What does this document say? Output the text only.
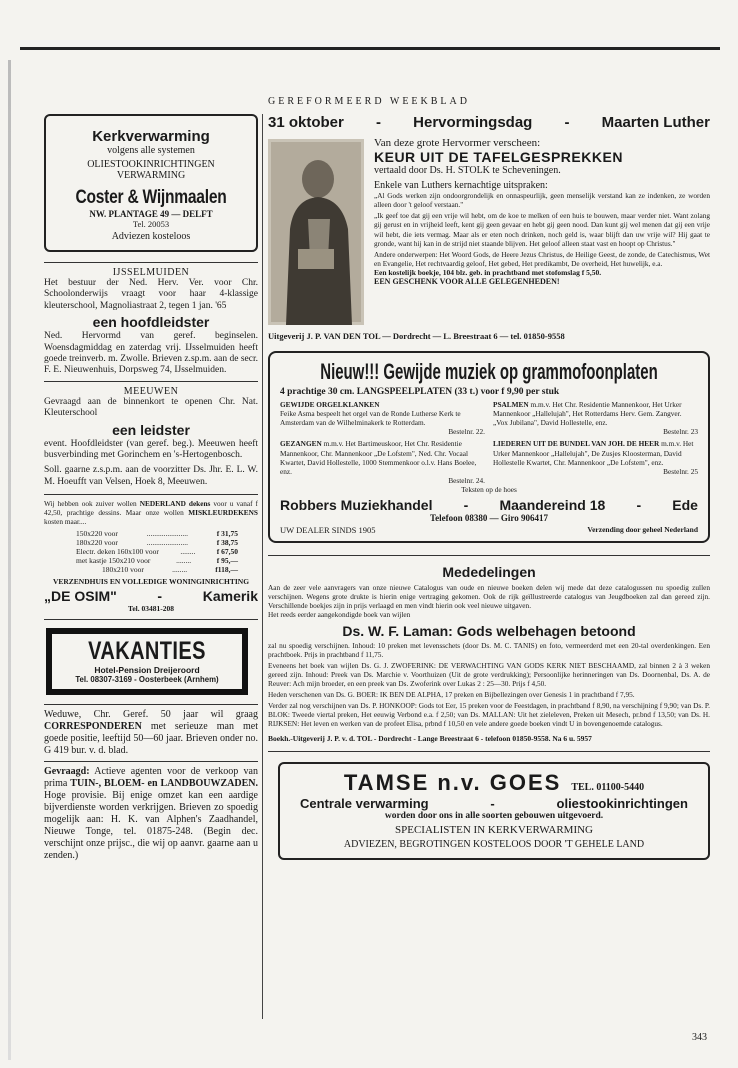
GEREFORMEERD WEEKBLAD
Kerkverwarming
volgens alle systemen
OLIESTOOKINRICHTINGEN
VERWARMING
Coster & Wijnmaalen
NW. PLANTAGE 49 — DELFT
Tel. 20053
Adviezen kosteloos
IJSSELMUIDEN
Het bestuur der Ned. Herv. Ver. voor Chr. Schoolonderwijs vraagt voor haar 4-klassige kleuterschool, Magnoliastraat 2, tegen 1 jan. '65
een hoofdleidster
Ned. Hervormd van geref. beginselen. Woensdagmiddag en zaterdag vrij. IJsselmuiden heeft goede treinverb. m. Zwolle. Brieven z.sp.m. aan de secr. F. E. Nieuwenhuis, Dorpsweg 74, IJsselmuiden.
MEEUWEN
Gevraagd aan de binnenkort te openen Chr. Nat. Kleuterschool
een leidster
event. Hoofdleidster (van geref. beg.). Meeuwen heeft busverbinding met Gorinchem en 's-Hertogenbosch.
Soll. gaarne z.s.p.m. aan de voorzitter Ds. Jhr. E. L. W. M. Hoeufft van Velsen, Hoek 8, Meeuwen.
Wij hebben ook zuiver wollen NEDERLAND dekens voor u vanaf f 42,50, prachtige dessins. Maar onze wollen MISKLEURDEKENS kosten maar....
150x220 voor	......................	f 31,75
180x220 voor	......................	f 38,75
Electr. deken 160x100 voor	........	f 67,50
met kastje 150x210 voor	........	f 95,—
180x210 voor	........	f118,—
VERZENDHUIS EN VOLLEDIGE WONINGINRICHTING
„DE OSIM"	-	Kamerik
Tel. 03481-208
VAKANTIES
Hotel-Pension Dreijeroord
Tel. 08307-3169 - Oosterbeek (Arnhem)
Weduwe, Chr. Geref. 50 jaar wil graag CORRESPONDEREN met serieuze man met goede positie, leeftijd 50—60 jaar. Brieven onder no. G 419 bur. v. d. blad.
Gevraagd: Actieve agenten voor de verkoop van prima TUIN-, BLOEM- en LANDBOUWZADEN. Hoge provisie. Bij enige omzet kan een aardige bijverdienste worden verkrijgen. Brieven zo spoedig mogelijk aan: H. K. van Alphen's Zaadhandel, Nieuwe Tonge, tel. 01875-248. (Begin dec. verschijnt onze prijsc., die wij op aanvr. gaarne aan u zenden.)
31 oktober - Hervormingsdag - Maarten Luther
Van deze grote Hervormer verscheen:
KEUR UIT DE TAFELGESPREKKEN
vertaald door Ds. H. STOLK te Scheveningen.
Enkele van Luthers kernachtige uitspraken:
„Al Gods werken zijn ondoorgrondelijk en onnaspeurlijk, geen menselijk verstand kan ze indenken, ze worden alleen door 't geloof verstaan."
„Ik geef toe dat gij een vrije wil hebt, om de koe te melken of een huis te bouwen, maar verder niet. Want zolang gij gerust en in vrijheid leeft, kent gij geen gevaar en hebt gij geen nood. Dan kunt gij wel menen dat gij een vrije wil hebt, die iets vermag. Maar als er eten noch drinken, noch geld is, waar blijft dan uw vrije wil? Hij gaat te gronde, want hij kan in de strijd niet staande blijven. Het geloof alleen staat vast en hoopt op Christus."
Andere onderwerpen: Het Woord Gods, de Heere Jezus Christus, de Heilige Geest, de zonde, de Catechismus, Wet en Evangelie, Het rechtvaardig geloof, Het gebed, Het predikambt, De overheid, Het huwelijk, e.a.
Een kostelijk boekje, 104 blz. geb. in prachtband met stofomslag f 5,50.
EEN GESCHENK VOOR ALLE GELEGENHEDEN!
Uitgeverij J. P. VAN DEN TOL — Dordrecht — L. Breestraat 6 — tel. 01850-9558
Nieuw!!! Gewijde muziek op grammofoonplaten
4 prachtige 30 cm. LANGSPEELPLATEN (33 t.) voor f 9,90 per stuk
GEWIJDE ORGELKLANKEN
Feike Asma bespeelt het orgel van de Ronde Lutherse Kerk te Amsterdam van de Wilhelminakerk te Rotterdam.
Bestelnr. 22.
GEZANGEN m.m.v. Het Bartimeuskoor, Het Chr. Residentie Mannenkoor, Chr. Mannenkoor „De Lofstem", Ned. Chr. Vocaal Kwartet, David Hollestelle, 1000 Stemmenkoor o.l.v. Hans Boelee, enz.
Bestelnr. 24.
PSALMEN m.m.v. Het Chr. Residentie Mannenkoor, Het Urker Mannenkoor „Hallelujah", Het Rotterdams Herv. Gem. Zangver. „Vox Jubilana", David Hollestelle, enz.
Bestelnr. 23
LIEDEREN UIT DE BUNDEL VAN JOH. DE HEER m.m.v. Het Urker Mannenkoor „Hallelujah", De Zusjes Kloosterman, David Hollestelle Kwartet, Chr. Mannenkoor „De Lofstem", enz.
Bestelnr. 25
Teksten op de hoes
Robbers Muziekhandel - Maandereind 18 - Ede
Telefoon 08380 — Giro 906417
UW DEALER SINDS 1905	Verzending door geheel Nederland
Mededelingen
Aan de zeer vele aanvragers van onze nieuwe Catalogus van oude en nieuwe boeken delen wij mede dat deze catalogussen nu spoedig zullen verschijnen. Wegens grote drukte is hierin enige vertraging gekomen. Ook de rijk geïllustreerde catalogus van Jeugdboeken zal dan gereed zijn. Verschillende boekjes zijn in prijs verlaagd en men vindt hierin ook veel nieuwe uitgaven.
Het reeds eerder aangekondigde boek van wijlen
Ds. W. F. Laman: Gods welbehagen betoond
zal nu spoedig verschijnen. Inhoud: 10 preken met levensschets (door Ds. M. C. TANIS) en foto, vermeerderd met een 20-tal overdenkingen. Een prachtboek. Prijs in prachtband f 11,75.
Eveneens het boek van wijlen Ds. G. J. ZWOFERINK: DE VERWACHTING VAN GODS KERK NIET BESCHAAMD, zal binnen 2 à 3 weken gereed zijn. Inhoud: Preek van Ds. Marchie v. Voorthuizen (Uit de grote verdrukking); Persoonlijke herinneringen van Ds. Doornenbal, Ds. A. de Reuver: Ach mijn broeder, en een preek van Ds. Zwoferink over Lukas 2 : 25—30. Prijs f 4,50.
Heden verschenen van Ds. G. BOER: IK BEN DE ALPHA, 17 preken en Bijbellezingen over Genesis 1 in prachtband f 7,95.
Verder zal nog verschijnen van Ds. P. HONKOOP: Gods tot Eer, 15 preken voor de Feestdagen, in prachtband f 8,90, na verschijning f 9,90; van Ds. P. BLOK: Tweede viertal preken, Het eeuwig Verbond e.a. f 2,50; van Ds. MALLAN: Uit het zieleleven, Preken uit Mesech, pr.bnd f 13,50; van Ds. H. RIJKSEN: Het leven en werken van de profeet Elisa, prbnd f 10,50 en vele andere goede boeken vindt U in bovengenoemde catalogus.
Boekh.-Uitgeverij J. P. v. d. TOL - Dordrecht - Lange Breestraat 6 - telefoon 01850-9558. Na 6 u. 5957
TAMSE n.v. GOES TEL. 01100-5440
Centrale verwarming	-	oliestookinrichtingen
worden door ons in alle soorten gebouwen uitgevoerd.
SPECIALISTEN IN KERKVERWARMING
ADVIEZEN, BEGROTINGEN KOSTELOOS DOOR 'T GEHELE LAND
343
